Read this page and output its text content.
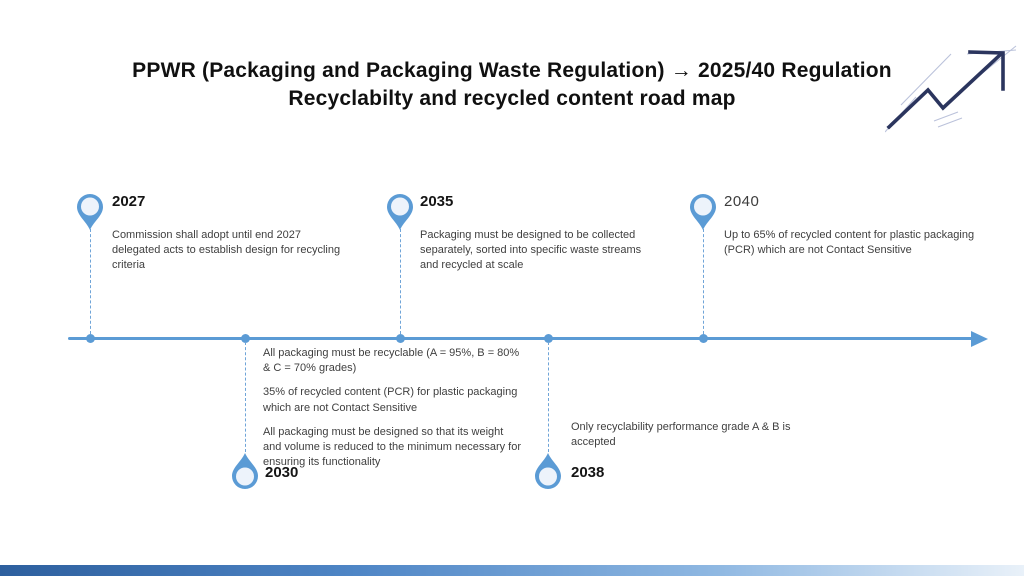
PPWR (Packaging and Packaging Waste Regulation) → 2025/40 Regulation
Recyclabilty and recycled content road map
2027
Commission shall adopt until end 2027 delegated acts to establish design for recycling criteria
2035
Packaging must be designed to be collected separately, sorted into specific waste streams and recycled at scale
2040
Up to 65% of recycled content for plastic packaging (PCR) which are not Contact Sensitive

All packaging must be recyclable (A = 95%, B = 80% & C = 70% grades)

35% of recycled content (PCR) for plastic packaging which are not Contact Sensitive

All packaging must be designed so that its weight and volume is reduced to the minimum necessary for ensuring its functionality

2030
Only recyclability performance grade A & B is accepted
2038
